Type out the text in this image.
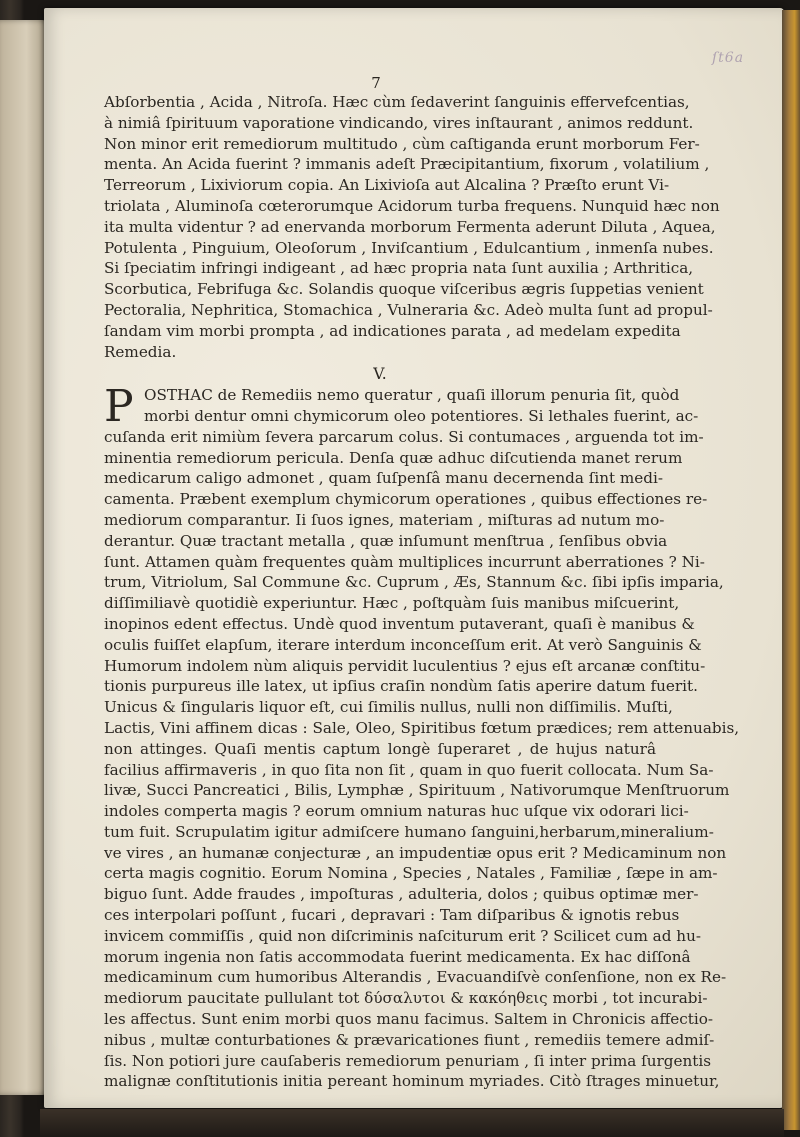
7
ſt6a
Abſorbentia , Acida , Nitroſa. Hæc cùm ſedaverint ſanguinis effervefcentias,
à nimiâ ſpirituum vaporatione vindicando, vires inſtaurant , animos reddunt.
Non minor erit remediorum multitudo , cùm caſtiganda erunt morborum Fer-
menta. An Acida fuerint ? immanis adeſt Præcipitantium, fixorum , volatilium ,
Terreorum , Lixiviorum copia. An Lixivioſa aut Alcalina ? Præſto erunt Vi-
triolata , Aluminoſa cœterorumque Acidorum turba frequens. Nunquid hæc non
ita multa videntur ? ad enervanda morborum Fermenta aderunt Diluta , Aquea,
Potulenta , Pinguium, Oleoſorum , Inviſcantium , Edulcantium , inmenſa nubes.
Si ſpeciatim infringi indigeant , ad hæc propria nata ſunt auxilia ; Arthritica,
Scorbutica, Febrifuga &c. Solandis quoque viſceribus ægris ſuppetias venient
Pectoralia, Nephritica, Stomachica , Vulneraria &c. Adeò multa ſunt ad propul-
ſandam vim morbi prompta , ad indicationes parata , ad medelam expedita
Remedia.
V.
P OSTHAC de Remediis nemo queratur , quaſi illorum penuria ſit, quòd
morbi dentur omni chymicorum oleo potentiores. Si lethales fuerint, ac-
cuſanda erit nimiùm ſevera parcarum colus. Si contumaces , arguenda tot im-
minentia remediorum pericula. Denſa quæ adhuc diſcutienda manet rerum
medicarum caligo admonet , quam ſuſpenſâ manu decernenda ſint medi-
camenta. Præbent exemplum chymicorum operationes , quibus effectiones re-
mediorum comparantur. Ii ſuos ignes, materiam , miſturas ad nutum mo-
derantur. Quæ tractant metalla , quæ inſumunt menſtrua , ſenſibus obvia
ſunt. Attamen quàm frequentes quàm multiplices incurrunt aberrationes ? Ni-
trum, Vitriolum, Sal Commune &c. Cuprum , Æs, Stannum &c. ſibi ipſis imparia,
diſſimiliavè quotidiè experiuntur. Hæc , poſtquàm ſuis manibus miſcuerint,
inopinos edent effectus. Undè quod inventum putaverant, quaſi è manibus &
oculis fuiſſet elapſum, iterare interdum inconceſſum erit. At verò Sanguinis &
Humorum indolem nùm aliquis pervidit luculentius ? ejus eſt arcanæ conſtitu-
tionis purpureus ille latex, ut ipſius craſin nondùm ſatis aperire datum fuerit.
Unicus & ſingularis liquor eſt, cui ſimilis nullus, nulli non diſſimilis. Muſti,
Lactis, Vini affinem dicas : Sale, Oleo, Spiritibus fœtum prædices; rem attenuabis,
non attinges. Quaſi mentis captum longè ſuperaret , de hujus naturâ
facilius affirmaveris , in quo ſita non ſit , quam in quo fuerit collocata. Num Sa-
livæ, Succi Pancreatici , Bilis, Lymphæ , Spirituum , Nativorumque Menſtruorum
indoles comperta magis ? eorum omnium naturas huc uſque vix odorari lici-
tum fuit. Scrupulatim igitur admiſcere humano ſanguini,herbarum,mineralium-
ve vires , an humanæ conjecturæ , an impudentiæ opus erit ? Medicaminum non
certa magis cognitio. Eorum Nomina , Species , Natales , Familiæ , ſæpe in am-
biguo ſunt. Adde fraudes , impoſturas , adulteria, dolos ; quibus optimæ mer-
ces interpolari poſſunt , fucari , depravari : Tam diſparibus & ignotis rebus
invicem commiſſis , quid non diſcriminis naſciturum erit ? Scilicet cum ad hu-
morum ingenia non ſatis accommodata fuerint medicamenta. Ex hac diſſonâ
medicaminum cum humoribus Alterandis , Evacuandiſvè conſenſione, non ex Re-
mediorum paucitate pullulant tot δύσαλυτοι & κακόηθεις morbi , tot incurabi-
les affectus. Sunt enim morbi quos manu facimus. Saltem in Chronicis affectio-
nibus , multæ conturbationes & prævaricationes fiunt , remediis temere admiſ-
ſis. Non potiori jure cauſaberis remediorum penuriam , ſi inter prima ſurgentis
malignæ conſtitutionis initia pereant hominum myriades. Citò ſtrages minuetur,
